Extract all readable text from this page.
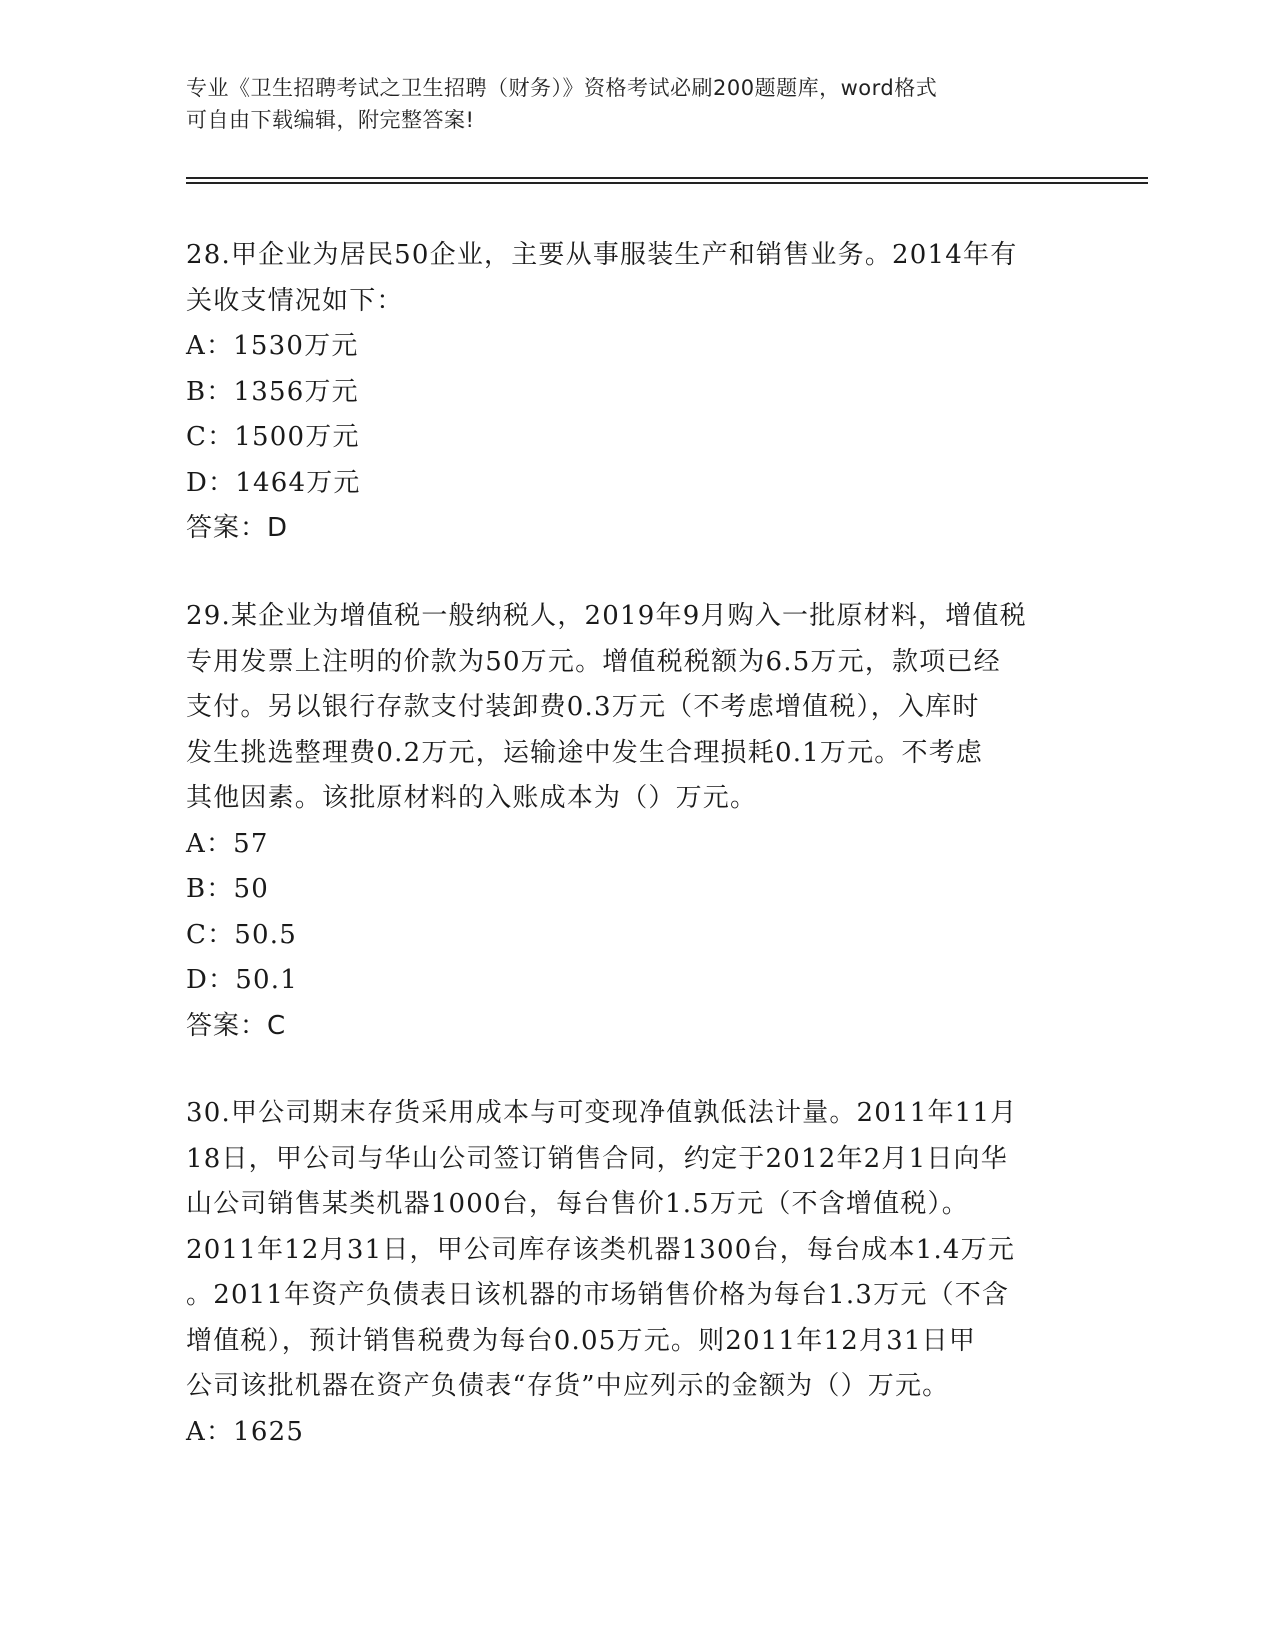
专业《卫生招聘考试之卫生招聘（财务）》资格考试必刷200题题库，word格式
可自由下载编辑，附完整答案!

28.甲企业为居民50企业，主要从事服装生产和销售业务。2014年有

关收支情况如下：

A：1530万元

B：1356万元

C：1500万元

D：1464万元

答案：D

29.某企业为增值税一般纳税人，2019年9月购入一批原材料，增值税

专用发票上注明的价款为50万元。增值税税额为6.5万元，款项已经

支付。另以银行存款支付装卸费0.3万元（不考虑增值税），入库时

发生挑选整理费0.2万元，运输途中发生合理损耗0.1万元。不考虑

其他因素。该批原材料的入账成本为（）万元。

A：57

B：50

C：50.5

D：50.1

答案：C

30.甲公司期末存货采用成本与可变现净值孰低法计量。2011年11月

18日，甲公司与华山公司签订销售合同，约定于2012年2月1日向华

山公司销售某类机器1000台，每台售价1.5万元（不含增值税）。

2011年12月31日，甲公司库存该类机器1300台，每台成本1.4万元

。2011年资产负债表日该机器的市场销售价格为每台1.3万元（不含

增值税），预计销售税费为每台0.05万元。则2011年12月31日甲

公司该批机器在资产负债表“存货”中应列示的金额为（）万元。

A：1625
